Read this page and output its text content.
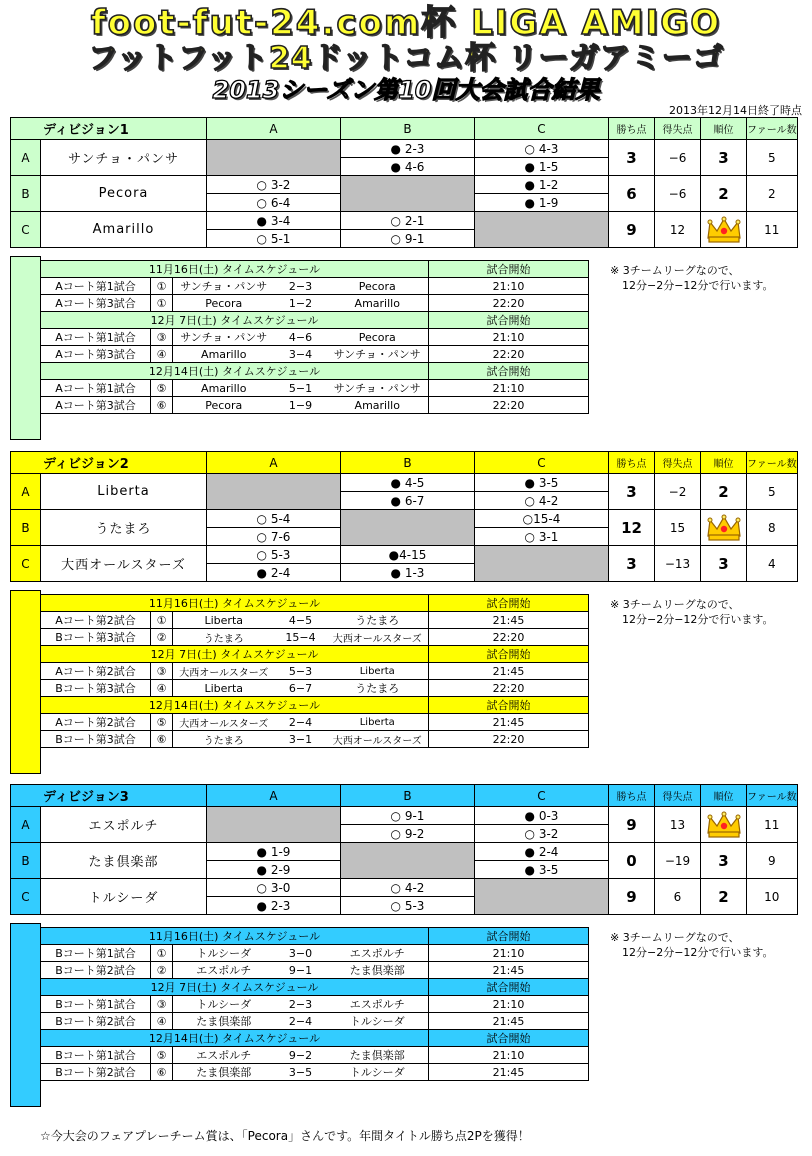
foot-fut-24.com杯 LIGA AMIGO
フットフット24ドットコム杯 リーガアミーゴ
2013シーズン第10回大会試合結果
2013年12月14日終了時点
ディビジョン1		A	B	C	勝ち点	得失点	順位	ファール数
A	サンチョ・パンサ		● 2-3	○ 4-3	3	−6	3	5
			● 4-6	● 1-5				
B	Pecora	○ 3-2		● 1-2	6	−6	2	2
		○ 6-4		● 1-9				
C	Amarillo	● 3-4	○ 2-1		9	12		11
		○ 5-1	○ 9-1					
11月16日(土) タイムスケジュール					試合開始
Aコート第1試合	①	サンチョ・パンサ	2−3	Pecora	21:10
Aコート第3試合	①	Pecora	1−2	Amarillo	22:20
12月 7日(土) タイムスケジュール					試合開始
Aコート第1試合	③	サンチョ・パンサ	4−6	Pecora	21:10
Aコート第3試合	④	Amarillo	3−4	サンチョ・パンサ	22:20
12月14日(土) タイムスケジュール					試合開始
Aコート第1試合	⑤	Amarillo	5−1	サンチョ・パンサ	21:10
Aコート第3試合	⑥	Pecora	1−9	Amarillo	22:20
※ 3チームリーグなので、
12分−2分−12分で行います。
ディビジョン2		A	B	C	勝ち点	得失点	順位	ファール数
A	Liberta		● 4-5	● 3-5	3	−2	2	5
			● 6-7	○ 4-2				
B	うたまろ	○ 5-4		○15-4	12	15		8
		○ 7-6		○ 3-1				
C	大西オールスターズ	○ 5-3	●4-15		3	−13	3	4
		● 2-4	● 1-3					
11月16日(土) タイムスケジュール					試合開始
Aコート第2試合	①	Liberta	4−5	うたまろ	21:45
Bコート第3試合	②	うたまろ	15−4	大西オールスターズ	22:20
12月 7日(土) タイムスケジュール					試合開始
Aコート第2試合	③	大西オールスターズ	5−3	Liberta	21:45
Bコート第3試合	④	Liberta	6−7	うたまろ	22:20
12月14日(土) タイムスケジュール					試合開始
Aコート第2試合	⑤	大西オールスターズ	2−4	Liberta	21:45
Bコート第3試合	⑥	うたまろ	3−1	大西オールスターズ	22:20
※ 3チームリーグなので、
12分−2分−12分で行います。
ディビジョン3		A	B	C	勝ち点	得失点	順位	ファール数
A	エスポルチ		○ 9-1	● 0-3	9	13		11
			○ 9-2	○ 3-2				
B	たま倶楽部	● 1-9		● 2-4	0	−19	3	9
		● 2-9		● 3-5				
C	トルシーダ	○ 3-0	○ 4-2		9	6	2	10
		● 2-3	○ 5-3					
11月16日(土) タイムスケジュール					試合開始
Bコート第1試合	①	トルシーダ	3−0	エスポルチ	21:10
Bコート第2試合	②	エスポルチ	9−1	たま倶楽部	21:45
12月 7日(土) タイムスケジュール					試合開始
Bコート第1試合	③	トルシーダ	2−3	エスポルチ	21:10
Bコート第2試合	④	たま倶楽部	2−4	トルシーダ	21:45
12月14日(土) タイムスケジュール					試合開始
Bコート第1試合	⑤	エスポルチ	9−2	たま倶楽部	21:10
Bコート第2試合	⑥	たま倶楽部	3−5	トルシーダ	21:45
※ 3チームリーグなので、
12分−2分−12分で行います。
☆今大会のフェアプレーチーム賞は、「Pecora」さんです。年間タイトル勝ち点2Pを獲得！
